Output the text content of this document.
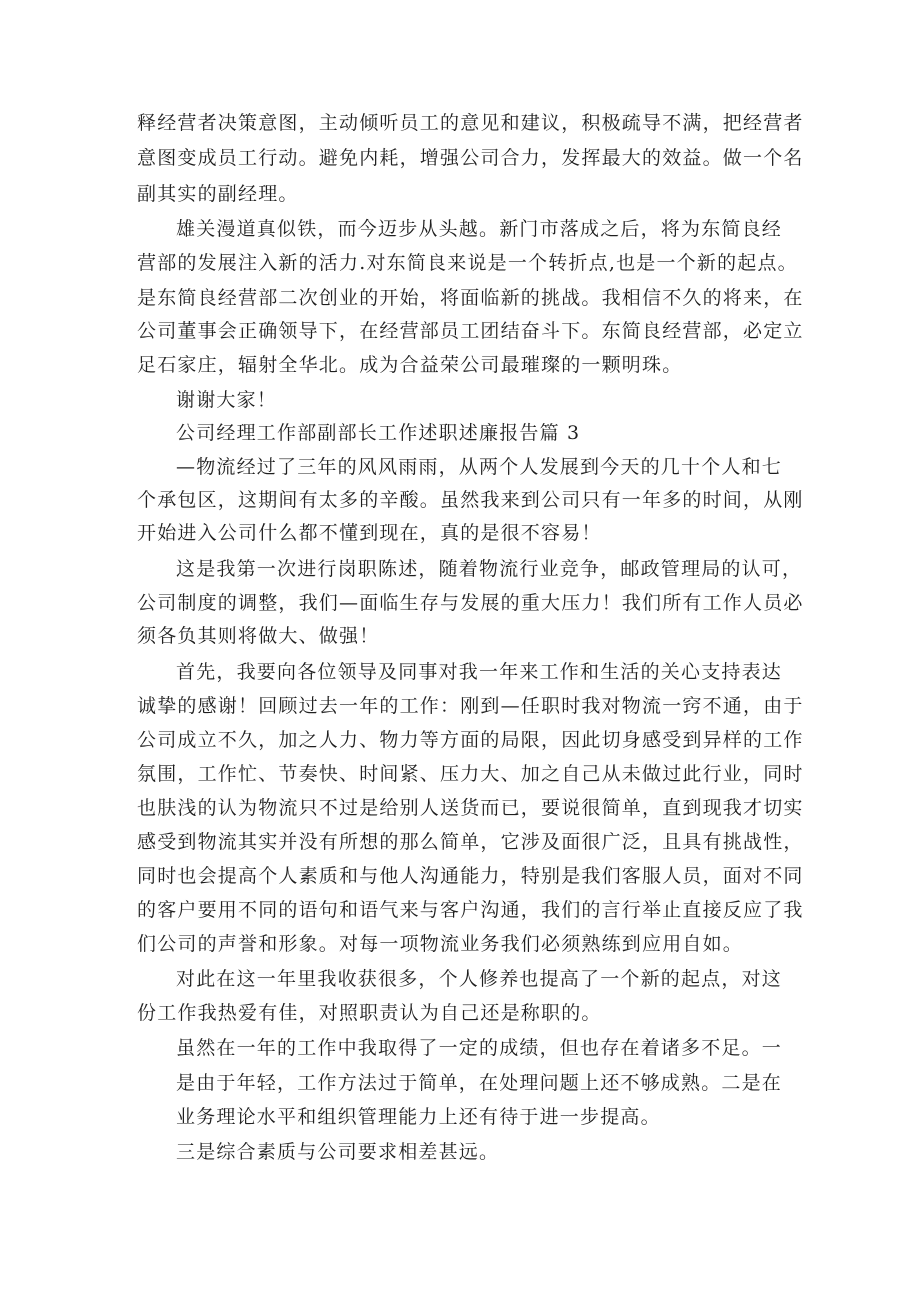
释经营者决策意图，主动倾听员工的意见和建议，积极疏导不满，把经营者
意图变成员工行动。避免内耗，增强公司合力，发挥最大的效益。做一个名
副其实的副经理。
雄关漫道真似铁，而今迈步从头越。新门市落成之后，将为东简良经
营部的发展注入新的活力.对东简良来说是一个转折点,也是一个新的起点。
是东简良经营部二次创业的开始，将面临新的挑战。我相信不久的将来，在
公司董事会正确领导下，在经营部员工团结奋斗下。东简良经营部，必定立
足石家庄，辐射全华北。成为合益荣公司最璀璨的一颗明珠。
谢谢大家！
公司经理工作部副部长工作述职述廉报告篇 3
—物流经过了三年的风风雨雨，从两个人发展到今天的几十个人和七
个承包区，这期间有太多的辛酸。虽然我来到公司只有一年多的时间，从刚
开始进入公司什么都不懂到现在，真的是很不容易！
这是我第一次进行岗职陈述，随着物流行业竞争，邮政管理局的认可，
公司制度的调整，我们—面临生存与发展的重大压力！我们所有工作人员必
须各负其则将做大、做强！
首先，我要向各位领导及同事对我一年来工作和生活的关心支持表达
诚挚的感谢！回顾过去一年的工作：刚到—任职时我对物流一窍不通，由于
公司成立不久，加之人力、物力等方面的局限，因此切身感受到异样的工作
氛围，工作忙、节奏快、时间紧、压力大、加之自己从未做过此行业，同时
也肤浅的认为物流只不过是给别人送货而已，要说很简单，直到现我才切实
感受到物流其实并没有所想的那么简单，它涉及面很广泛，且具有挑战性，
同时也会提高个人素质和与他人沟通能力，特别是我们客服人员，面对不同
的客户要用不同的语句和语气来与客户沟通，我们的言行举止直接反应了我
们公司的声誉和形象。对每一项物流业务我们必须熟练到应用自如。
对此在这一年里我收获很多，个人修养也提高了一个新的起点，对这
份工作我热爱有佳，对照职责认为自己还是称职的。
虽然在一年的工作中我取得了一定的成绩，但也存在着诸多不足。一
是由于年轻，工作方法过于简单，在处理问题上还不够成熟。二是在
业务理论水平和组织管理能力上还有待于进一步提高。
三是综合素质与公司要求相差甚远。
